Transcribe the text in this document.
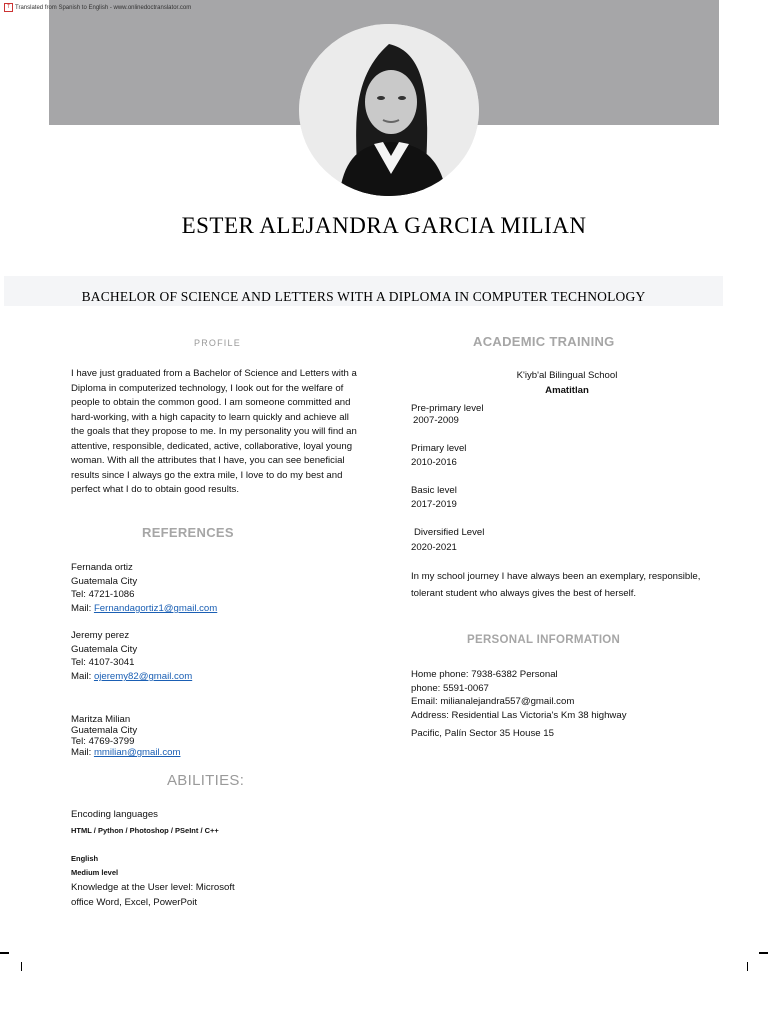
T Translated from Spanish to English - www.onlinedoctranslator.com
ESTER ALEJANDRA GARCIA MILIAN
BACHELOR OF SCIENCE AND LETTERS WITH A DIPLOMA IN COMPUTER TECHNOLOGY
PROFILE
I have just graduated from a Bachelor of Science and Letters with a Diploma in computerized technology, I look out for the welfare of people to obtain the common good. I am someone committed and hard-working, with a high capacity to learn quickly and achieve all the goals that they propose to me. In my personality you will find an attentive, responsible, dedicated, active, collaborative, loyal young woman. With all the attributes that I have, you can see beneficial results since I always go the extra mile, I love to do my best and perfect what I do to obtain good results.
REFERENCES
Fernanda ortiz
Guatemala City
Tel: 4721-1086
Mail: Fernandagortiz1@gmail.com
Jeremy perez
Guatemala City
Tel: 4107-3041
Mail: ojeremy82@gmail.com
Maritza Milian
Guatemala City
Tel: 4769-3799
Mail: mmilian@gmail.com
ABILITIES:
Encoding languages
HTML / Python / Photoshop / PSeInt / C++
English
Medium level
Knowledge at the User level: Microsoft office Word, Excel, PowerPoit
ACADEMIC TRAINING
K'iyb'al Bilingual School
Amatitlan
Pre-primary level
2007-2009
Primary level
2010-2016
Basic level
2017-2019
Diversified Level
2020-2021
In my school journey I have always been an exemplary, responsible, tolerant student who always gives the best of herself.
PERSONAL INFORMATION
Home phone: 7938-6382 Personal
phone: 5591-0067
Email: milianalejandra557@gmail.com
Address: Residential Las Victoria's Km 38 highway
Pacific, Palín Sector 35 House 15
